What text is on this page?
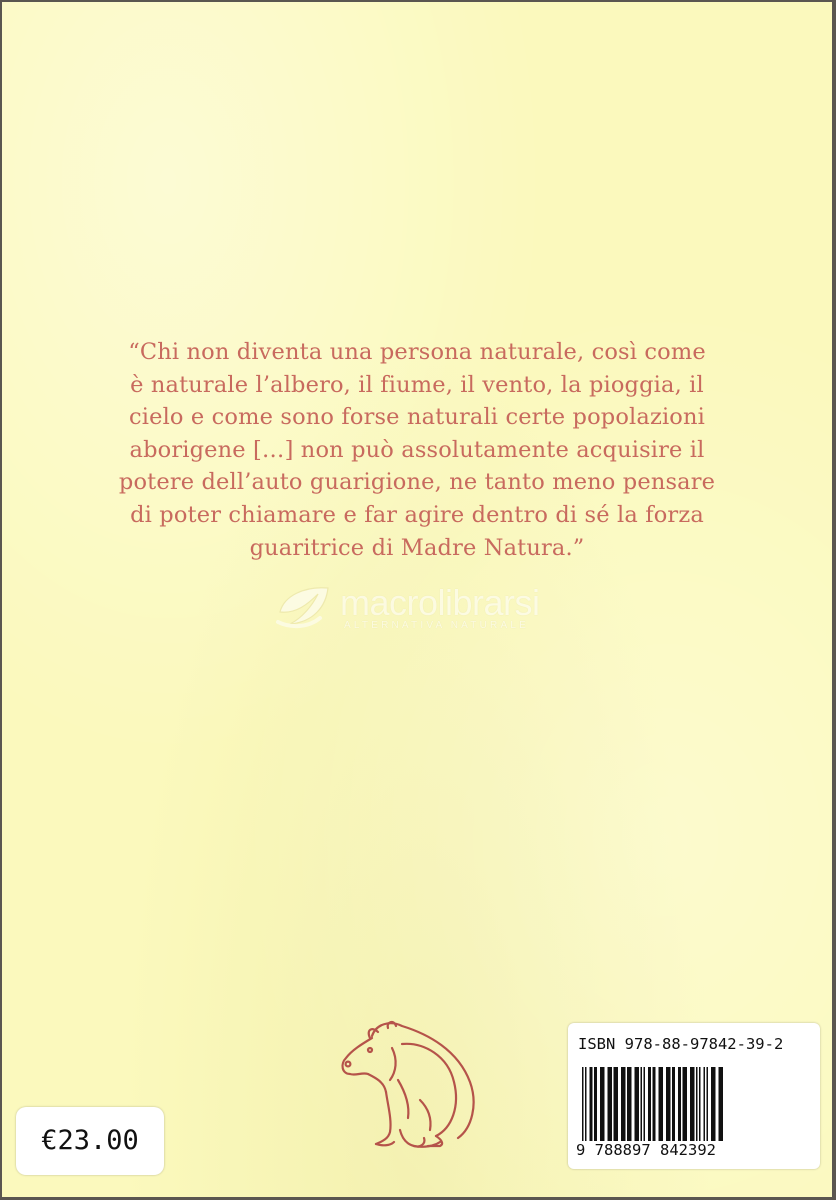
“Chi non diventa una persona naturale, così come
è naturale l’albero, il fiume, il vento, la pioggia, il
cielo e come sono forse naturali certe popolazioni
aborigene […] non può assolutamente acquisire il
potere dell’auto guarigione, ne tanto meno pensare
di poter chiamare e far agire dentro di sé la forza
guaritrice di Madre Natura.”

macrolibrarsi
ALTERNATIVA NATURALE
€23.00
ISBN 978-88-97842-39-2
9 788897 842392
